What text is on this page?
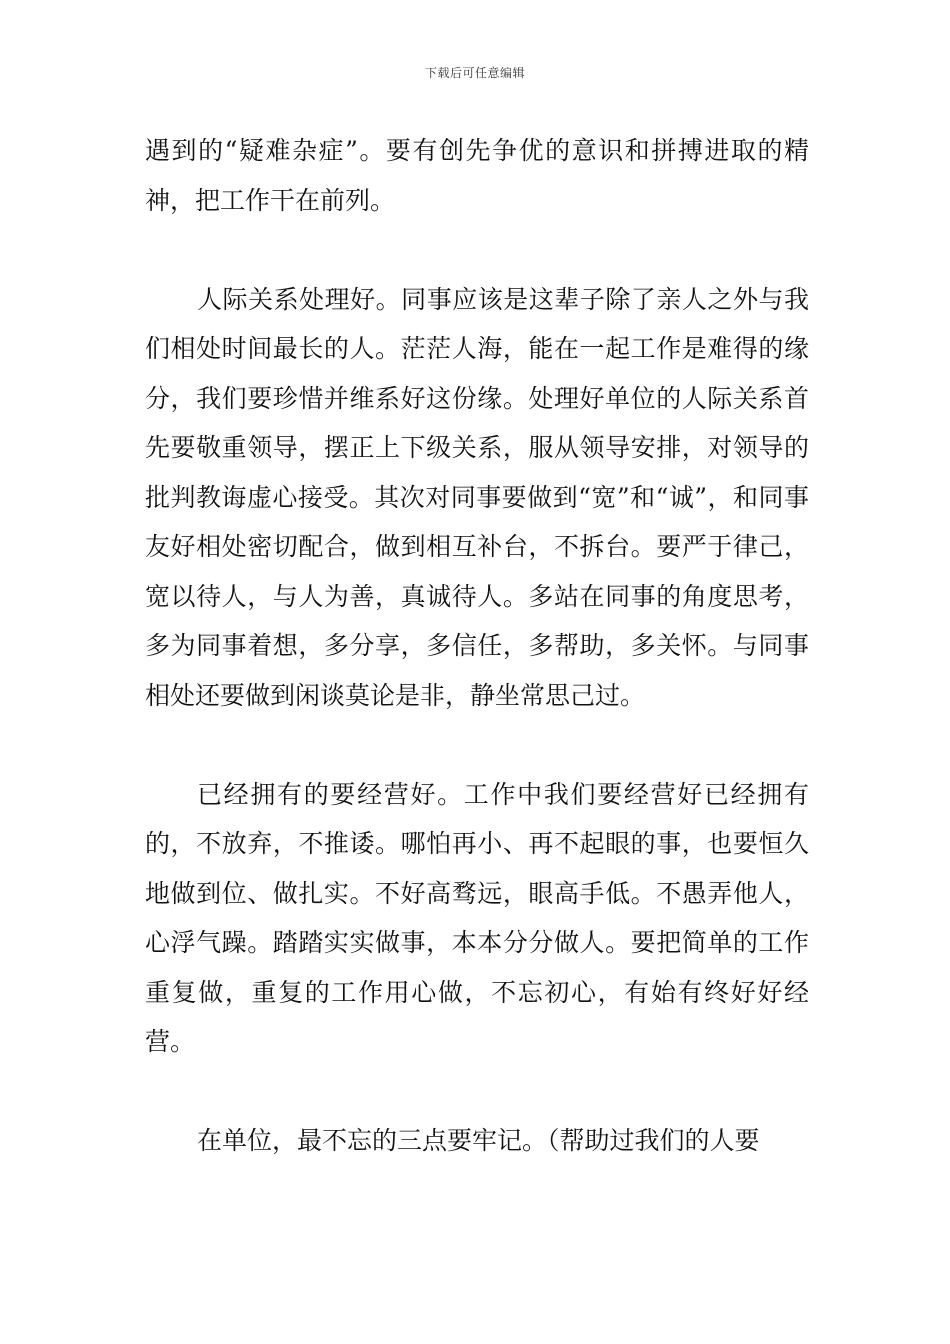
下载后可任意编辑

遇到的“疑难杂症”。要有创先争优的意识和拼搏进取的精神，把工作干在前列。

人际关系处理好。同事应该是这辈子除了亲人之外与我们相处时间最长的人。茫茫人海，能在一起工作是难得的缘分，我们要珍惜并维系好这份缘。处理好单位的人际关系首先要敬重领导，摆正上下级关系，服从领导安排，对领导的批判教诲虚心接受。其次对同事要做到“宽”和“诚”，和同事友好相处密切配合，做到相互补台，不拆台。要严于律己，宽以待人，与人为善，真诚待人。多站在同事的角度思考，多为同事着想，多分享，多信任，多帮助，多关怀。与同事相处还要做到闲谈莫论是非，静坐常思己过。

已经拥有的要经营好。工作中我们要经营好已经拥有的，不放弃，不推诿。哪怕再小、再不起眼的事，也要恒久地做到位、做扎实。不好高骛远，眼高手低。不愚弄他人，心浮气躁。踏踏实实做事，本本分分做人。要把简单的工作重复做，重复的工作用心做，不忘初心，有始有终好好经营。

在单位，最不忘的三点要牢记。（帮助过我们的人要
